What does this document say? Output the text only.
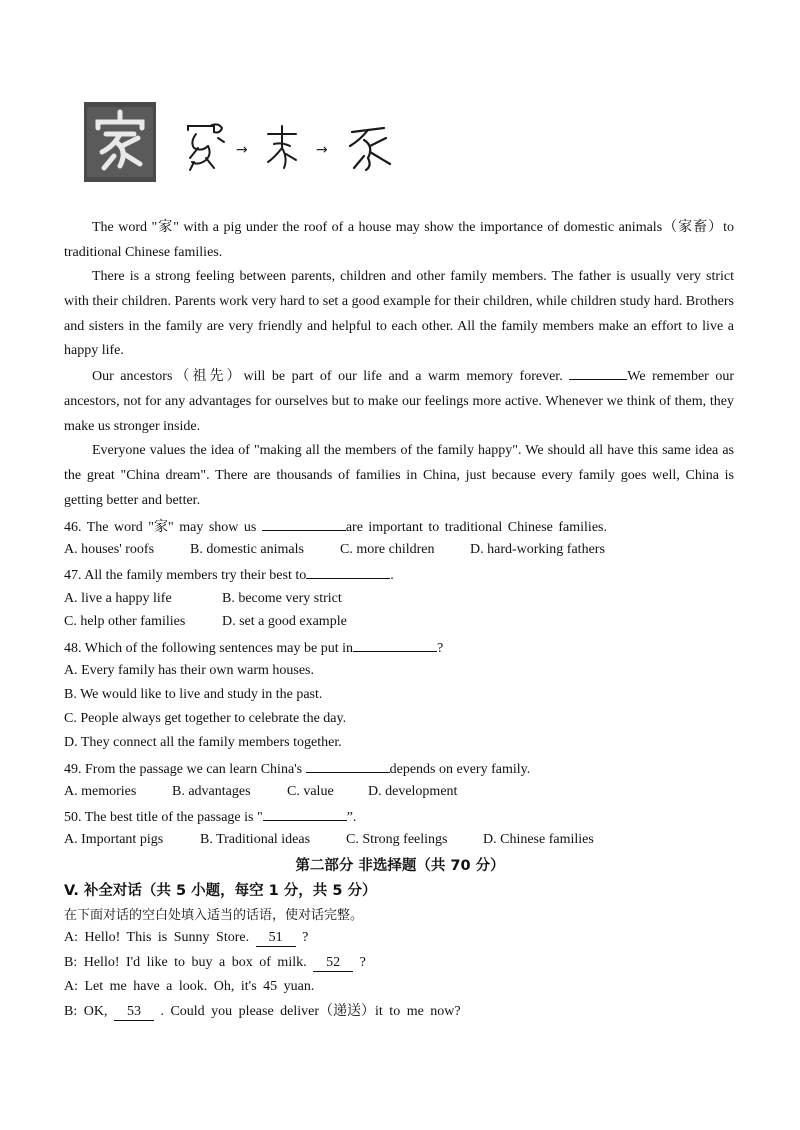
→	→

The word "家" with a pig under the roof of a house may show the importance of domestic animals（家畜）to traditional Chinese families.

There is a strong feeling between parents, children and other family members. The father is usually very strict with their children. Parents work very hard to set a good example for their children, while children study hard. Brothers and sisters in the family are very friendly and helpful to each other. All the family members make an effort to live a happy life.

Our ancestors（祖先）will be part of our life and a warm memory forever.	We remember our ancestors, not for any advantages for ourselves but to make our feelings more active. Whenever we think of them, they make us stronger inside.

Everyone values the idea of "making all the members of the family happy". We should all have this same idea as the great "China dream". There are thousands of families in China, just because every family goes well, China is getting better and better.

46. The word "家" may show us	are important to traditional Chinese families.
A. houses' roofs	B. domestic animals	C. more children	D. hard-working fathers
47. All the family members try their best to	.
A. live a happy life	B. become very strict
C. help other families	D. set a good example
48. Which of the following sentences may be put in	?
A. Every family has their own warm houses.
B. We would like to live and study in the past.
C. People always get together to celebrate the day.
D. They connect all the family members together.
49. From the passage we can learn China's	depends on every family.
A. memories	B. advantages	C. value D. development
50. The best title of the passage is "	”.
A. Important pigs	B. Traditional ideas	C. Strong feelings	D. Chinese families
第二部分 非选择题（共 70 分）
V. 补全对话（共 5 小题，每空 1 分，共 5 分）
在下面对话的空白处填入适当的话语，使对话完整。
A: Hello! This is Sunny Store. 51 ?
B: Hello! I'd like to buy a box of milk. 52 ?
A: Let me have a look. Oh, it's 45 yuan.
B: OK, 53 . Could you please deliver（递送）it to me now?
